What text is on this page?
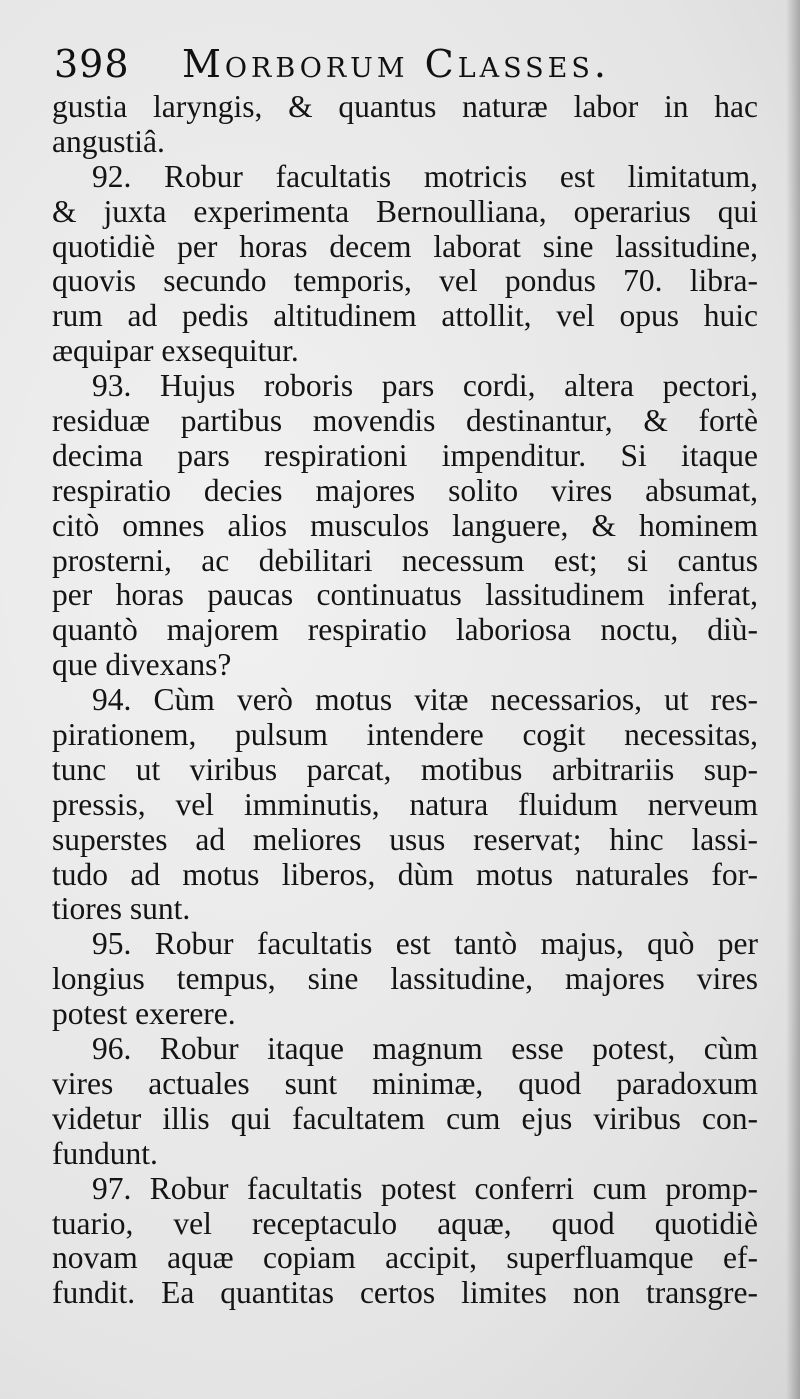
398 Morborum Classes.
gustia laryngis, & quantus naturæ labor in hac
angustiâ.
92. Robur facultatis motricis est limitatum,
& juxta experimenta Bernoulliana, operarius qui
quotidiè per horas decem laborat sine lassitudine,
quovis secundo temporis, vel pondus 70. libra-
rum ad pedis altitudinem attollit, vel opus huic
æquipar exsequitur.
93. Hujus roboris pars cordi, altera pectori,
residuæ partibus movendis destinantur, & fortè
decima pars respirationi impenditur. Si itaque
respiratio decies majores solito vires absumat,
citò omnes alios musculos languere, & hominem
prosterni, ac debilitari necessum est; si cantus
per horas paucas continuatus lassitudinem inferat,
quantò majorem respiratio laboriosa noctu, diù-
que divexans?
94. Cùm verò motus vitæ necessarios, ut res-
pirationem, pulsum intendere cogit necessitas,
tunc ut viribus parcat, motibus arbitrariis sup-
pressis, vel imminutis, natura fluidum nerveum
superstes ad meliores usus reservat; hinc lassi-
tudo ad motus liberos, dùm motus naturales for-
tiores sunt.
95. Robur facultatis est tantò majus, quò per
longius tempus, sine lassitudine, majores vires
potest exerere.
96. Robur itaque magnum esse potest, cùm
vires actuales sunt minimæ, quod paradoxum
videtur illis qui facultatem cum ejus viribus con-
fundunt.
97. Robur facultatis potest conferri cum promp-
tuario, vel receptaculo aquæ, quod quotidiè
novam aquæ copiam accipit, superfluamque ef-
fundit. Ea quantitas certos limites non transgre-
